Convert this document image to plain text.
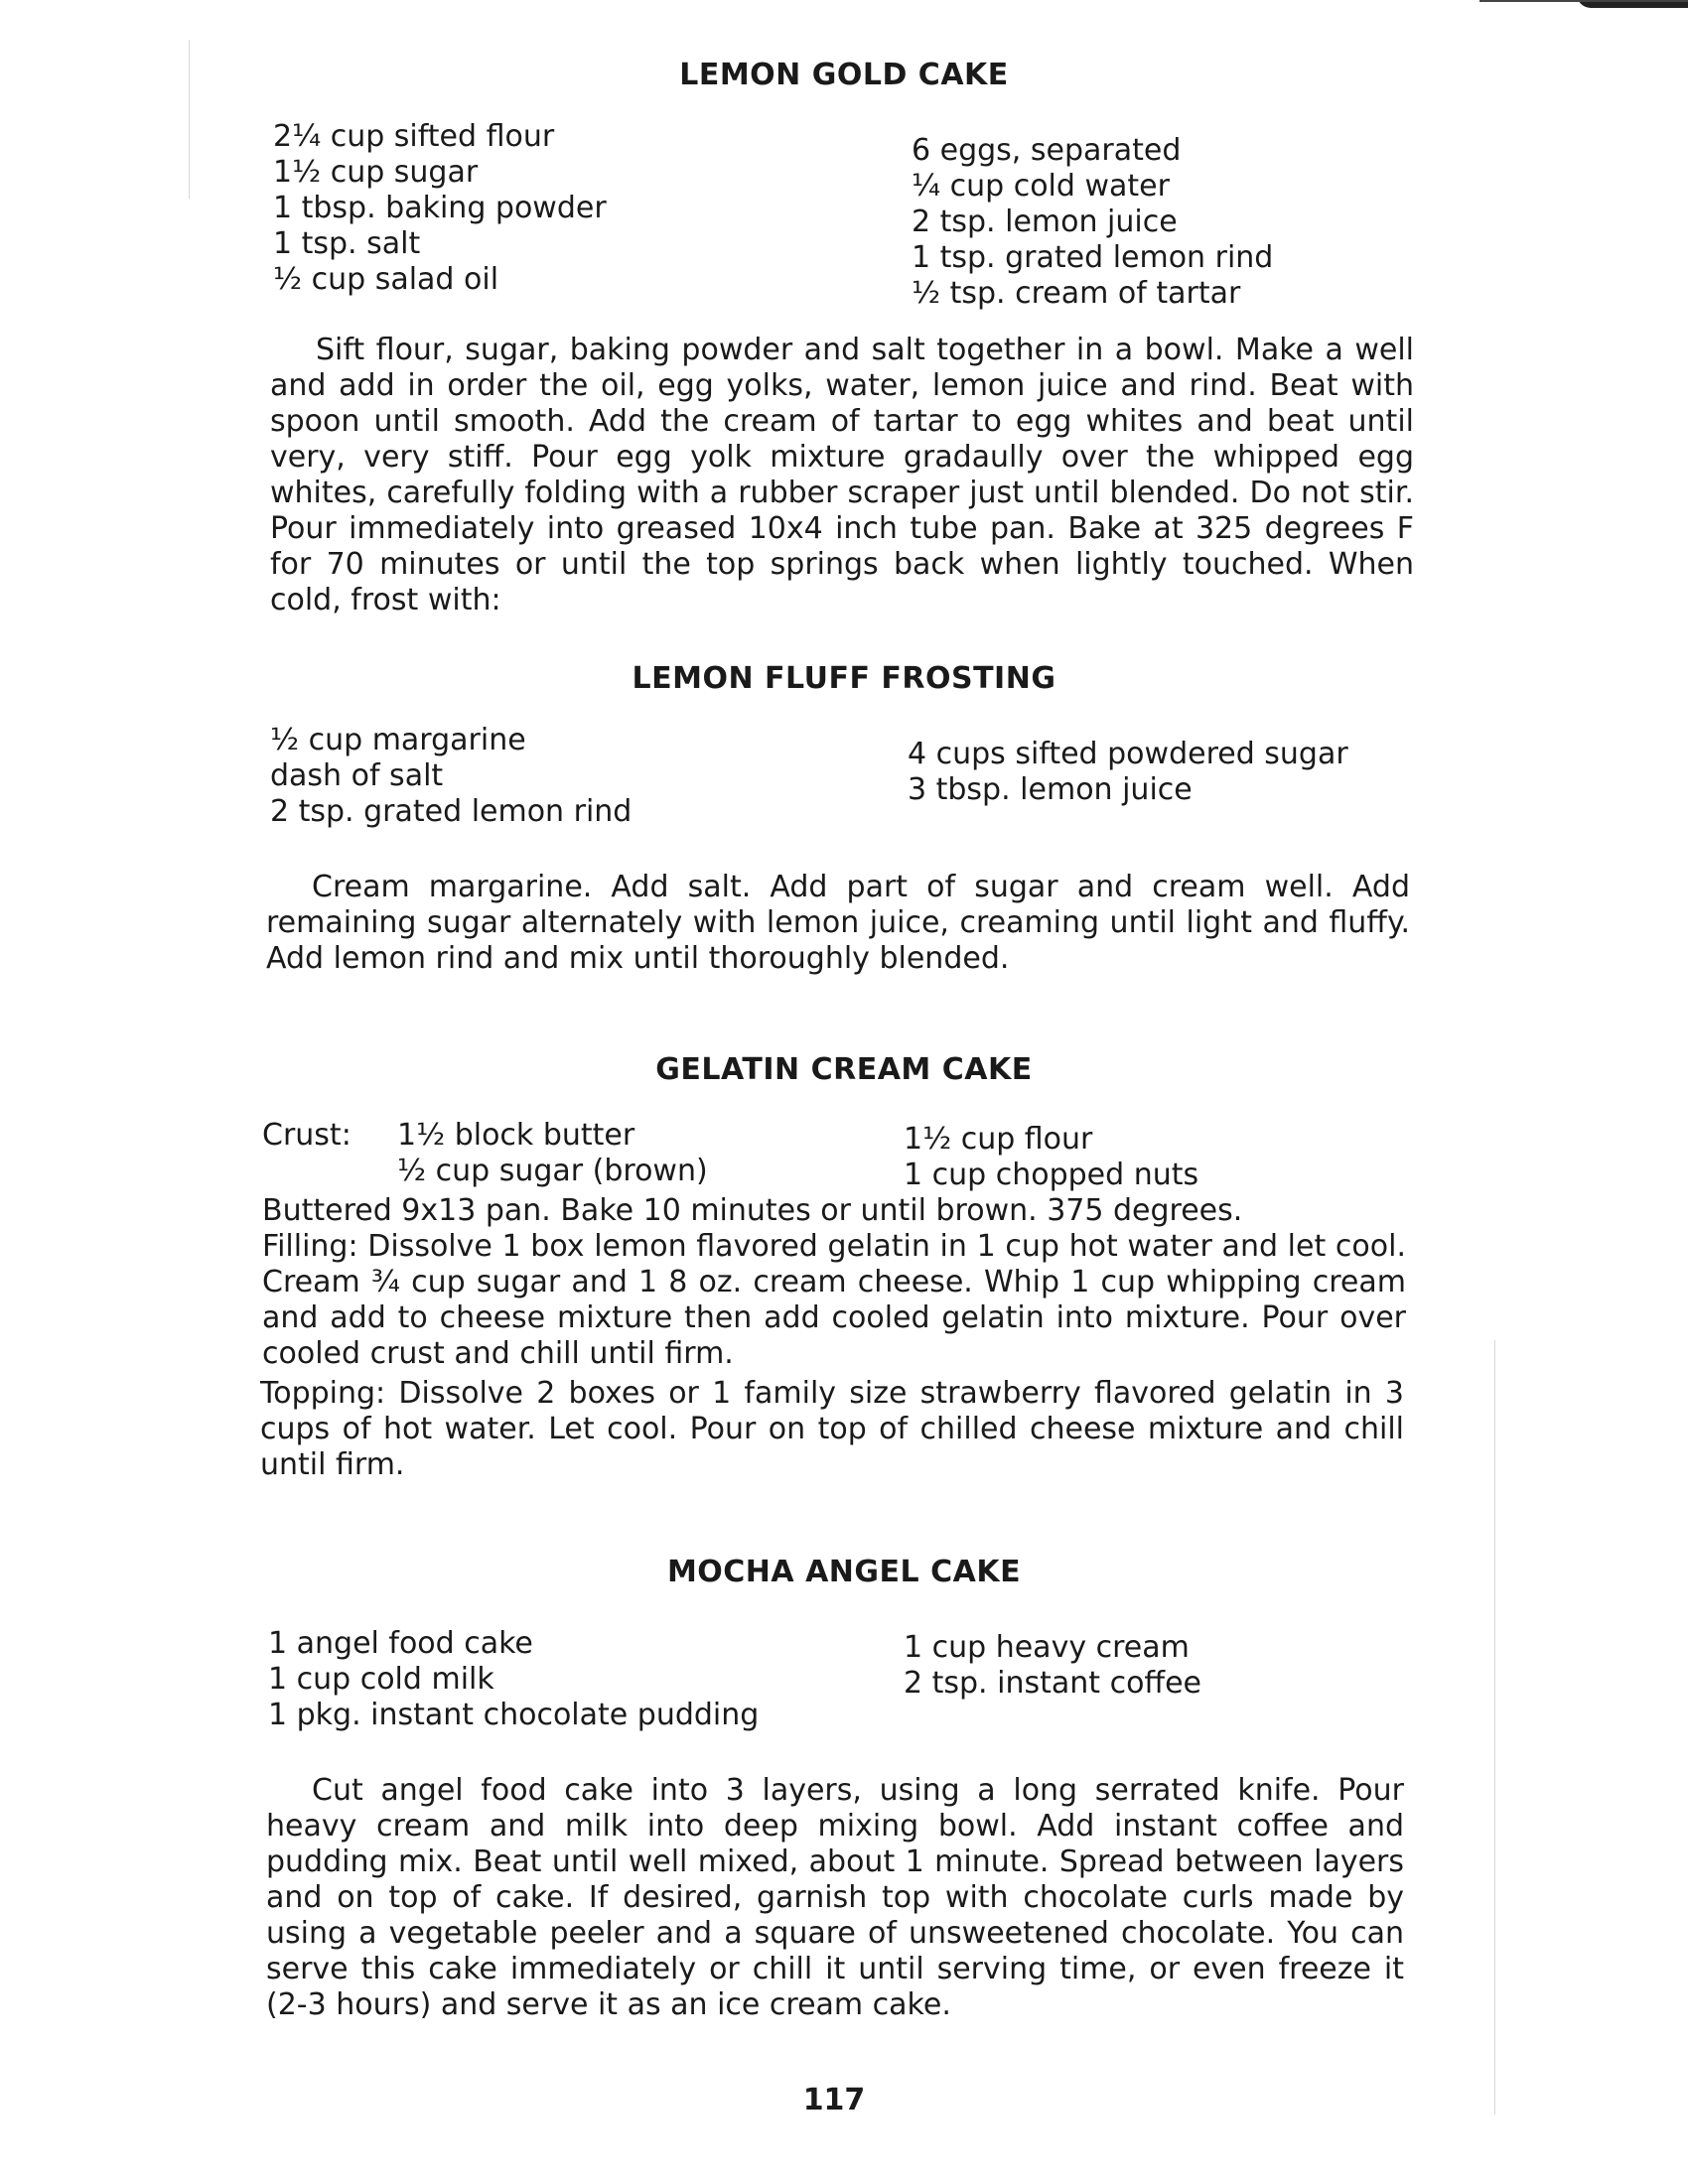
LEMON GOLD CAKE
2¼ cup sifted flour
1½ cup sugar
1 tbsp. baking powder
1 tsp. salt
½ cup salad oil
6 eggs, separated
¼ cup cold water
2 tsp. lemon juice
1 tsp. grated lemon rind
½ tsp. cream of tartar
Sift flour, sugar, baking powder and salt together in a bowl. Make a well and add in order the oil, egg yolks, water, lemon juice and rind. Beat with spoon until smooth. Add the cream of tartar to egg whites and beat until very, very stiff. Pour egg yolk mixture gradaully over the whipped egg whites, carefully folding with a rubber scraper just until blended. Do not stir. Pour immediately into greased 10x4 inch tube pan. Bake at 325 degrees F for 70 minutes or until the top springs back when lightly touched. When cold, frost with:
LEMON FLUFF FROSTING
½ cup margarine
dash of salt
2 tsp. grated lemon rind
4 cups sifted powdered sugar
3 tbsp. lemon juice
Cream margarine. Add salt. Add part of sugar and cream well. Add remaining sugar alternately with lemon juice, creaming until light and fluffy. Add lemon rind and mix until thoroughly blended.
GELATIN CREAM CAKE
Crust: 1½ block butter
½ cup sugar (brown)
1½ cup flour
1 cup chopped nuts
Buttered 9x13 pan. Bake 10 minutes or until brown. 375 degrees.
Filling: Dissolve 1 box lemon flavored gelatin in 1 cup hot water and let cool. Cream ¾ cup sugar and 1 8 oz. cream cheese. Whip 1 cup whipping cream and add to cheese mixture then add cooled gelatin into mixture. Pour over cooled crust and chill until firm.
Topping: Dissolve 2 boxes or 1 family size strawberry flavored gelatin in 3 cups of hot water. Let cool. Pour on top of chilled cheese mixture and chill until firm.
MOCHA ANGEL CAKE
1 angel food cake
1 cup cold milk
1 pkg. instant chocolate pudding
1 cup heavy cream
2 tsp. instant coffee
Cut angel food cake into 3 layers, using a long serrated knife. Pour heavy cream and milk into deep mixing bowl. Add instant coffee and pudding mix. Beat until well mixed, about 1 minute. Spread between layers and on top of cake. If desired, garnish top with chocolate curls made by using a vegetable peeler and a square of unsweetened chocolate. You can serve this cake immediately or chill it until serving time, or even freeze it (2-3 hours) and serve it as an ice cream cake.
117
